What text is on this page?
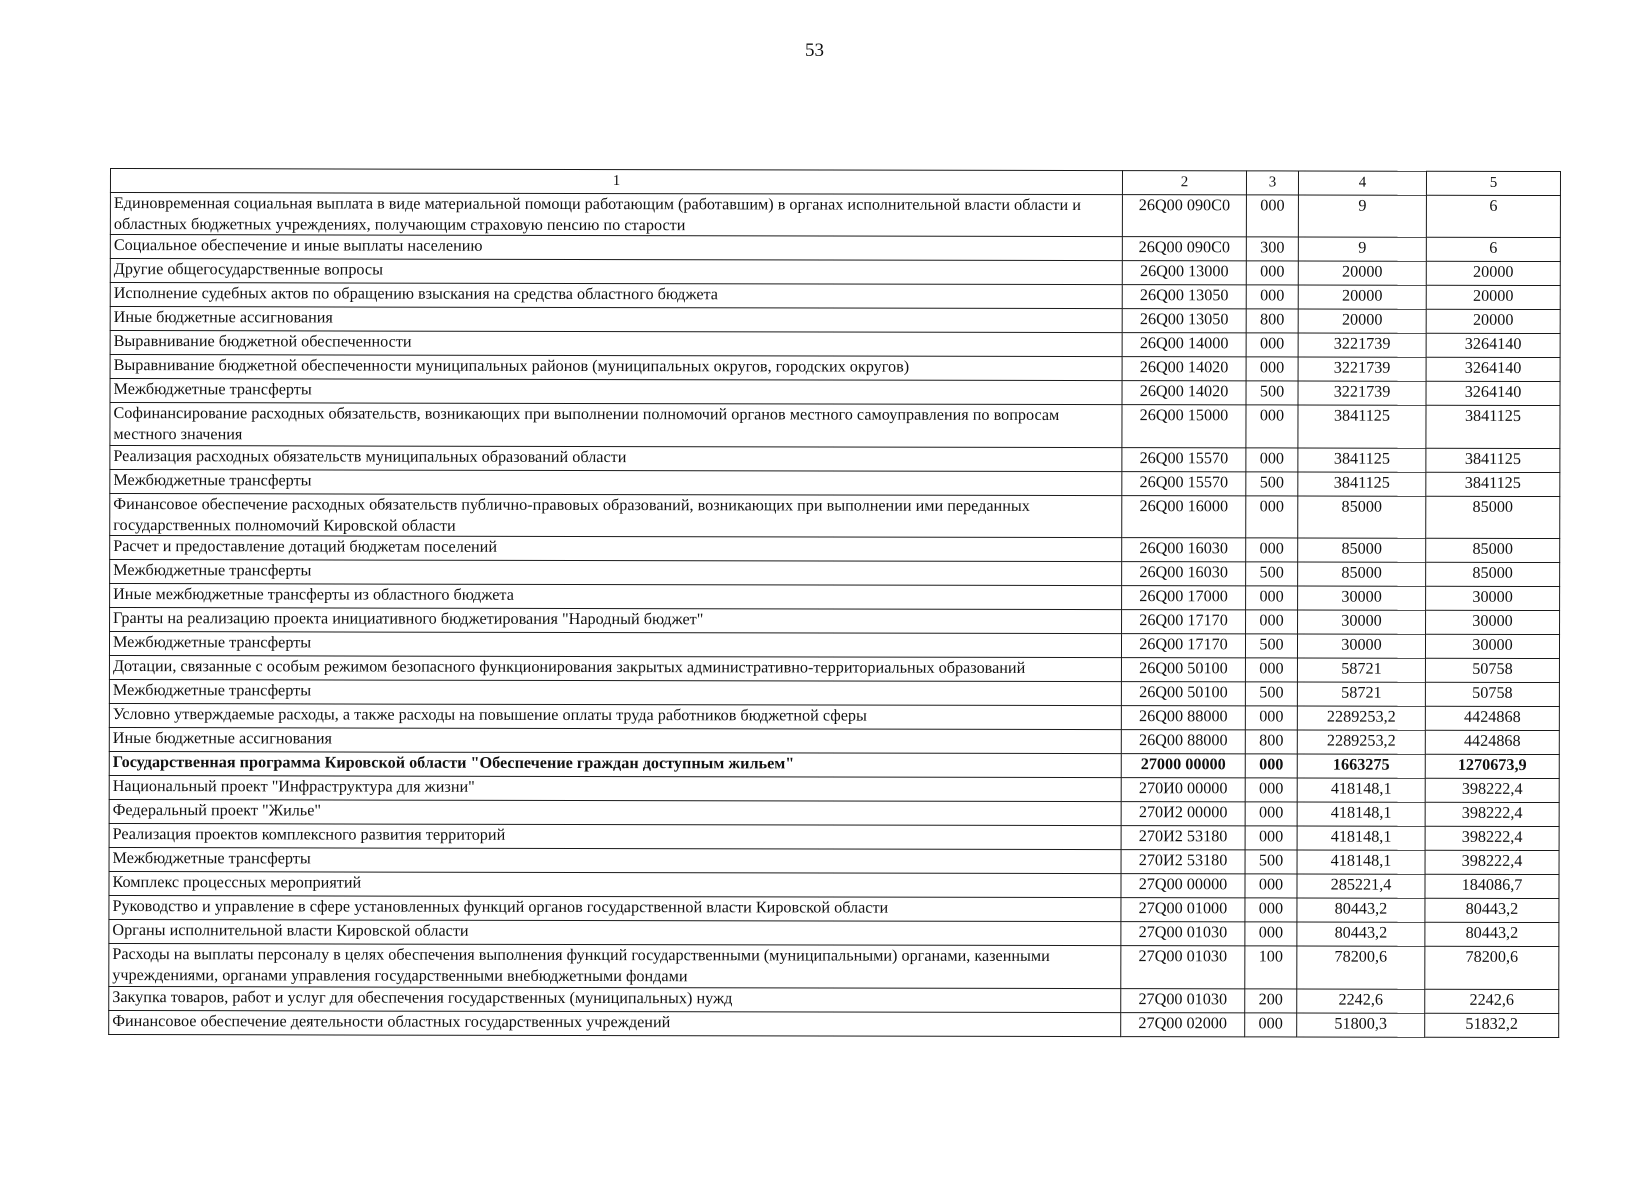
53
1	2	3	4	5
Единовременная социальная выплата в виде материальной помощи работающим (работавшим) в органах исполнительной власти области и областных бюджетных учреждениях, получающим страховую пенсию по старости	26Q00 090C0	000	9	6
Социальное обеспечение и иные выплаты населению	26Q00 090C0	300	9	6
Другие общегосударственные вопросы	26Q00 13000	000	20000	20000
Исполнение судебных актов по обращению взыскания на средства областного бюджета	26Q00 13050	000	20000	20000
Иные бюджетные ассигнования	26Q00 13050	800	20000	20000
Выравнивание бюджетной обеспеченности	26Q00 14000	000	3221739	3264140
Выравнивание бюджетной обеспеченности муниципальных районов (муниципальных округов, городских округов)	26Q00 14020	000	3221739	3264140
Межбюджетные трансферты	26Q00 14020	500	3221739	3264140
Софинансирование расходных обязательств, возникающих при выполнении полномочий органов местного самоуправления по вопросам местного значения	26Q00 15000	000	3841125	3841125
Реализация расходных обязательств муниципальных образований области	26Q00 15570	000	3841125	3841125
Межбюджетные трансферты	26Q00 15570	500	3841125	3841125
Финансовое обеспечение расходных обязательств публично-правовых образований, возникающих при выполнении ими переданных государственных полномочий Кировской области	26Q00 16000	000	85000	85000
Расчет и предоставление дотаций бюджетам поселений	26Q00 16030	000	85000	85000
Межбюджетные трансферты	26Q00 16030	500	85000	85000
Иные межбюджетные трансферты из областного бюджета	26Q00 17000	000	30000	30000
Гранты на реализацию проекта инициативного бюджетирования "Народный бюджет"	26Q00 17170	000	30000	30000
Межбюджетные трансферты	26Q00 17170	500	30000	30000
Дотации, связанные с особым режимом безопасного функционирования закрытых административно-территориальных образований	26Q00 50100	000	58721	50758
Межбюджетные трансферты	26Q00 50100	500	58721	50758
Условно утверждаемые расходы, а также расходы на повышение оплаты труда работников бюджетной сферы	26Q00 88000	000	2289253,2	4424868
Иные бюджетные ассигнования	26Q00 88000	800	2289253,2	4424868
Государственная программа Кировской области "Обеспечение граждан доступным жильем"	27000 00000	000	1663275	1270673,9
Национальный проект "Инфраструктура для жизни"	270И0 00000	000	418148,1	398222,4
Федеральный проект "Жилье"	270И2 00000	000	418148,1	398222,4
Реализация проектов комплексного развития территорий	270И2 53180	000	418148,1	398222,4
Межбюджетные трансферты	270И2 53180	500	418148,1	398222,4
Комплекс процессных мероприятий	27Q00 00000	000	285221,4	184086,7
Руководство и управление в сфере установленных функций органов государственной власти Кировской области	27Q00 01000	000	80443,2	80443,2
Органы исполнительной власти Кировской области	27Q00 01030	000	80443,2	80443,2
Расходы на выплаты персоналу в целях обеспечения выполнения функций государственными (муниципальными) органами, казенными учреждениями, органами управления государственными внебюджетными фондами	27Q00 01030	100	78200,6	78200,6
Закупка товаров, работ и услуг для обеспечения государственных (муниципальных) нужд	27Q00 01030	200	2242,6	2242,6
Финансовое обеспечение деятельности областных государственных учреждений	27Q00 02000	000	51800,3	51832,2
